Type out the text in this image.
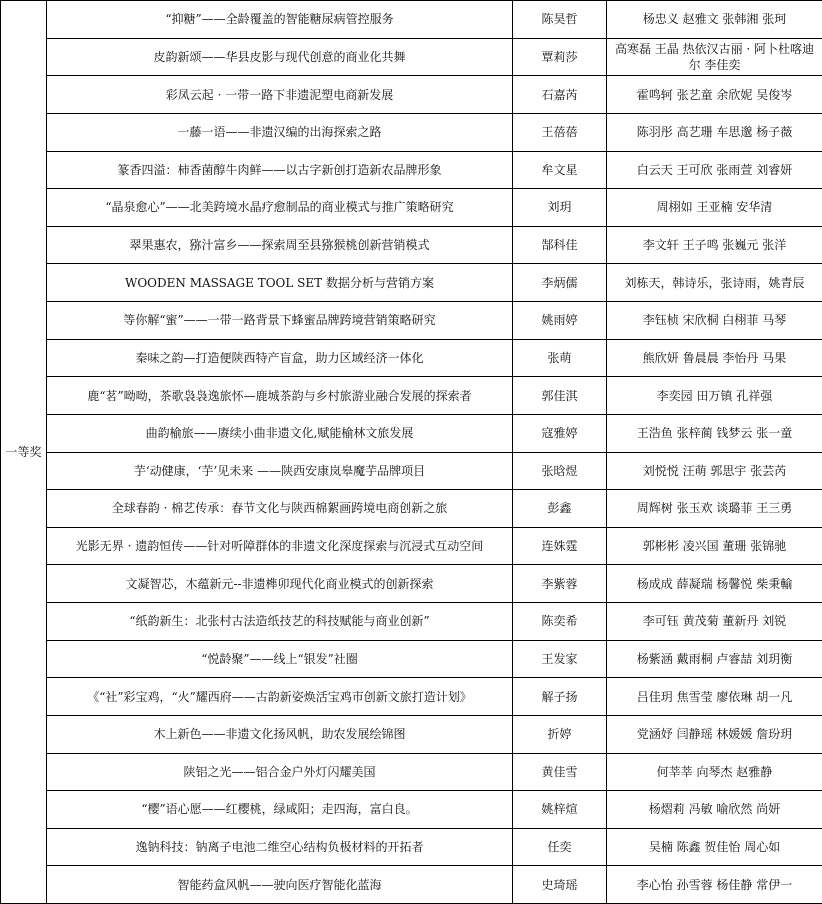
一等奖	“抑糖”——全龄覆盖的智能糖尿病管控服务	陈昊哲	杨忠义 赵雅文 张韩湘 张珂
	皮韵新颂——华县皮影与现代创意的商业化共舞	覃莉莎	高寒磊 王晶 热依汉古丽 · 阿卜杜喀迪尔 李佳奕
	彩凤云起 · 一带一路下非遗泥塑电商新发展	石嘉芮	霍鸣轲 张艺童 余欣妮 吴俊岑
	一藤一语——非遗汉编的出海探索之路	王蓓蓓	陈羽彤 高艺珊 车思邈 杨子薇
	篆香四溢：柿香菌醇牛肉鲜——以古字新创打造新农品牌形象	牟文星	白云天 王可欣 张雨萱 刘睿妍
	“晶泉愈心”——北美跨境水晶疗愈制品的商业模式与推广策略研究	刘玥	周栩如 王亚楠 安华清
	翠果惠农，猕汁富乡——探索周至县猕猴桃创新营销模式	郜科佳	李文轩 王子鸣 张巍元 张洋
	WOODEN MASSAGE TOOL SET 数据分析与营销方案	李炳儒	刘栋天，韩诗乐，张诗雨，姚青辰
	等你解“蜜”——一带一路背景下蜂蜜品牌跨境营销策略研究	姚雨婷	李钰桢 宋欣桐 白栩菲 马琴
	秦味之韵—打造便陕西特产盲盒，助力区域经济一体化	张萌	熊欣妍 鲁晨晨 李怡丹 马果
	鹿“茗”呦呦，茶歌袅袅逸旅怀—鹿城茶韵与乡村旅游业融合发展的探索者	郭佳淇	李奕园 田万镇 孔祥强
	曲韵榆旅——赓续小曲非遗文化,赋能榆林文旅发展	寇雅婷	王浩鱼 张梓蔺 钱梦云 张一童
	芋‘动健康，‘芋’见未来 ——陕西安康岚皋魔芋品牌项目	张晗煜	刘悦悦 汪萌 郭思宇 张芸芮
	全球春韵 · 棉艺传承：春节文化与陕西棉絮画跨境电商创新之旅	彭鑫	周辉树 张玉欢 谈璐菲 王三勇
	光影无界 · 遗韵恒传——针对听障群体的非遗文化深度探索与沉浸式互动空间	连姝霆	郭彬彬 凌兴国 董珊 张锦驰
	文凝智芯，木蕴新元--非遗榫卯现代化商业模式的创新探索	李紫蓉	杨成成 薛凝瑞 杨馨悦 柴秉輸
	“纸韵新生：北张村古法造纸技艺的科技赋能与商业创新”	陈奕希	李可钰 黄茂菊 董新丹 刘锐
	“悦龄聚”——线上“银发”社圈	王发家	杨紫涵 戴雨桐 卢睿喆 刘玥衡
	《“社”彩宝鸡，“火”耀西府——古韵新姿焕活宝鸡市创新文旅打造计划》	解子扬	吕佳玥 焦雪莹 廖依琳 胡一凡
	木上新色——非遗文化扬风帆，助农发展绘锦图	折婷	党涵妤 闫静瑶 林媛媛 詹玢玥
	陕铝之光——铝合金户外灯闪耀美国	黄佳雪	何莘莘 向琴杰 赵雅静
	“樱”语心愿——红樱桃，绿咸阳；走四海，富白良。	姚梓煊	杨熠莉 冯敏 喻欣然 尚妍
	逸钠科技：钠离子电池二维空心结构负极材料的开拓者	任奕	吴楠 陈鑫 贺佳怡 周心如
	智能药盒风帆——驶向医疗智能化蓝海	史琦瑶	李心怡 孙雪蓉 杨佳静 常伊一
